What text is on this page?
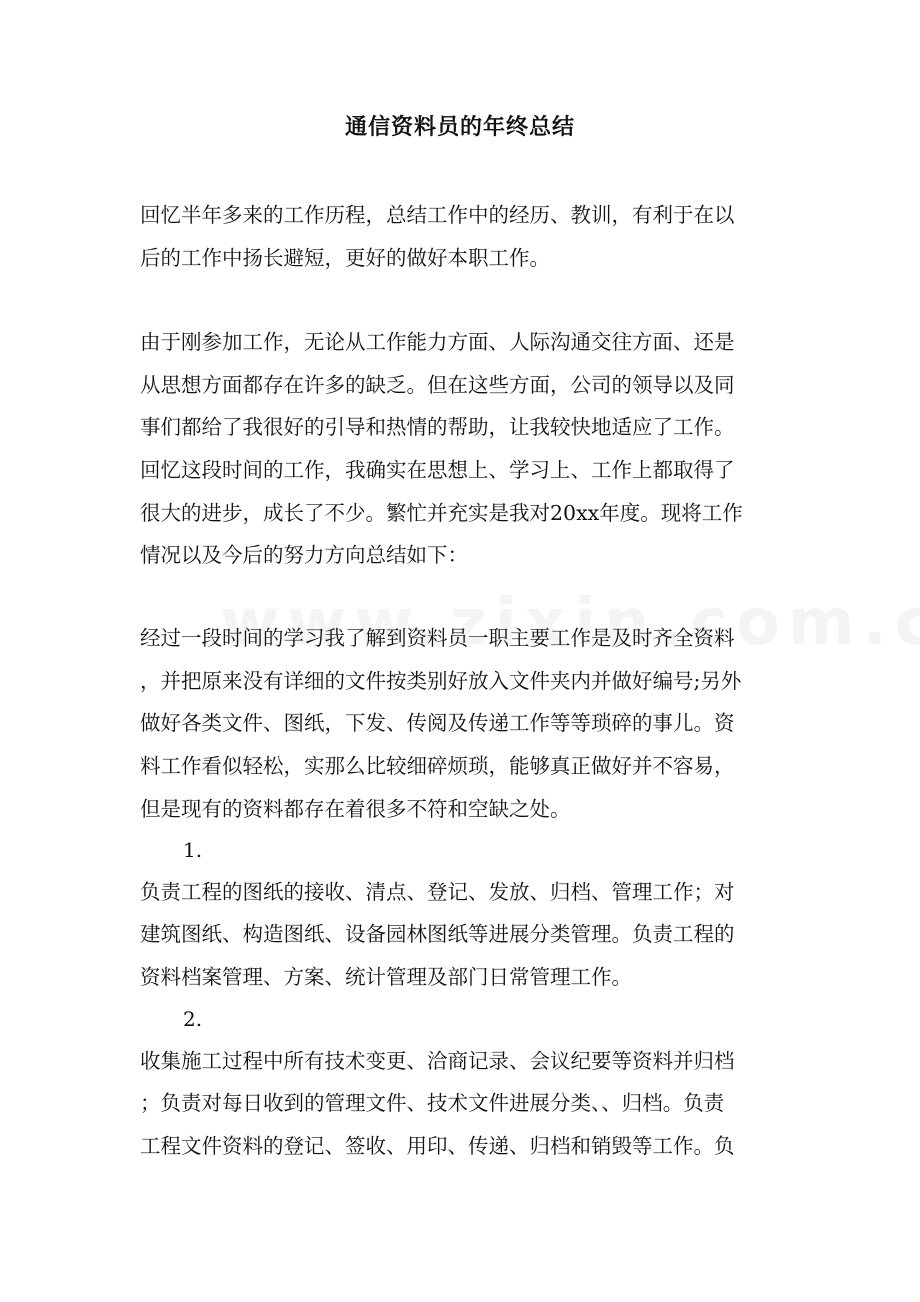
通信资料员的年终总结
回忆半年多来的工作历程，总结工作中的经历、教训，有利于在以
后的工作中扬长避短，更好的做好本职工作。
由于刚参加工作，无论从工作能力方面、人际沟通交往方面、还是
从思想方面都存在许多的缺乏。但在这些方面，公司的领导以及同
事们都给了我很好的引导和热情的帮助，让我较快地适应了工作。
回忆这段时间的工作，我确实在思想上、学习上、工作上都取得了
很大的进步，成长了不少。繁忙并充实是我对20xx年度。现将工作
情况以及今后的努力方向总结如下：
经过一段时间的学习我了解到资料员一职主要工作是及时齐全资料
，并把原来没有详细的文件按类别好放入文件夹内并做好编号;另外
做好各类文件、图纸，下发、传阅及传递工作等等琐碎的事儿。资
料工作看似轻松，实那么比较细碎烦琐，能够真正做好并不容易，
但是现有的资料都存在着很多不符和空缺之处。
1.
负责工程的图纸的接收、清点、登记、发放、归档、管理工作；对
建筑图纸、构造图纸、设备园林图纸等进展分类管理。负责工程的
资料档案管理、方案、统计管理及部门日常管理工作。
2.
收集施工过程中所有技术变更、洽商记录、会议纪要等资料并归档
；负责对每日收到的管理文件、技术文件进展分类、、归档。负责
工程文件资料的登记、签收、用印、传递、归档和销毁等工作。负
